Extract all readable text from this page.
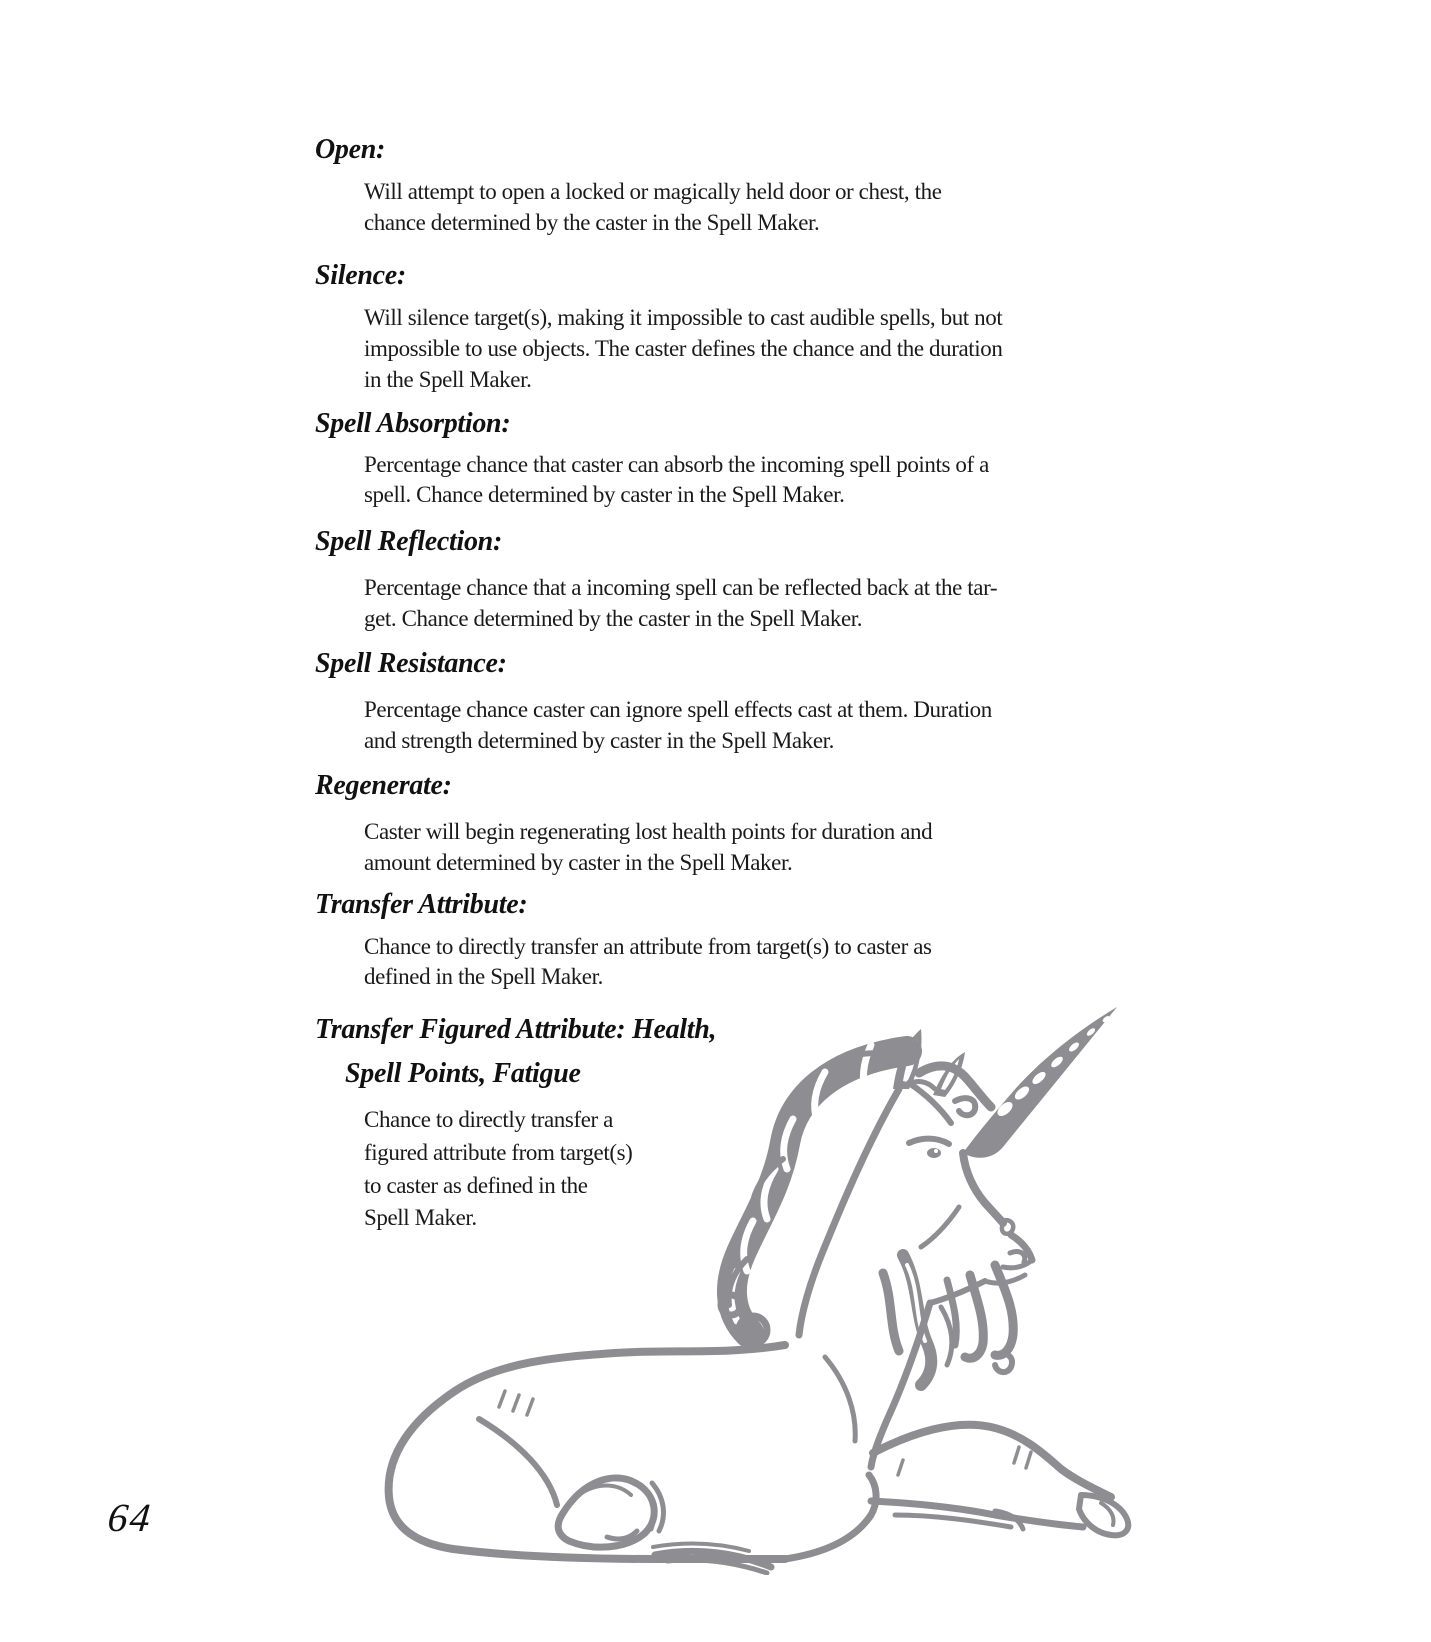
Open:
Will attempt to open a locked or magically held door or chest, the
chance determined by the caster in the Spell Maker.
Silence:
Will silence target(s), making it impossible to cast audible spells, but not
impossible to use objects. The caster defines the chance and the duration
in the Spell Maker.
Spell Absorption:
Percentage chance that caster can absorb the incoming spell points of a
spell. Chance determined by caster in the Spell Maker.
Spell Reflection:
Percentage chance that a incoming spell can be reflected back at the tar-
get. Chance determined by the caster in the Spell Maker.
Spell Resistance:
Percentage chance caster can ignore spell effects cast at them. Duration
and strength determined by caster in the Spell Maker.
Regenerate:
Caster will begin regenerating lost health points for duration and
amount determined by caster in the Spell Maker.
Transfer Attribute:
Chance to directly transfer an attribute from target(s) to caster as
defined in the Spell Maker.
Transfer Figured Attribute: Health,
Spell Points, Fatigue
Chance to directly transfer a
figured attribute from target(s)
to caster as defined in the
Spell Maker.
64
